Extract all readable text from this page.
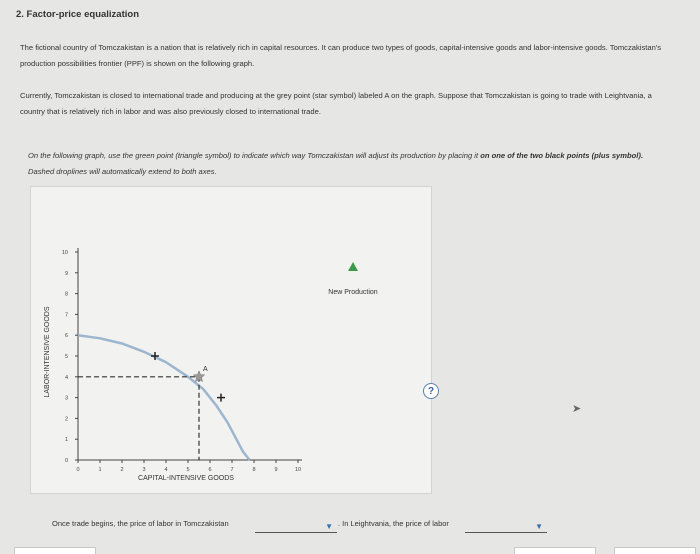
2. Factor-price equalization
The fictional country of Tomczakistan is a nation that is relatively rich in capital resources. It can produce two types of goods, capital-intensive goods and labor-intensive goods. Tomczakistan's production possibilities frontier (PPF) is shown on the following graph.
Currently, Tomczakistan is closed to international trade and producing at the grey point (star symbol) labeled A on the graph. Suppose that Tomczakistan is going to trade with Leightvania, a country that is relatively rich in labor and was also previously closed to international trade.
On the following graph, use the green point (triangle symbol) to indicate which way Tomczakistan will adjust its production by placing it on one of the two black points (plus symbol). Dashed droplines will automatically extend to both axes.
?
0
1
2
3
4
5
6
7
8
9
10
0	1	2	3	4	5	6	7	8	9	10
LABOR-INTENSIVE GOODS
CAPITAL-INTENSIVE GOODS
A
New Production
Once trade begins, the price of labor in Tomczakistan	▼ . In Leightvania, the price of labor	▼
➤
